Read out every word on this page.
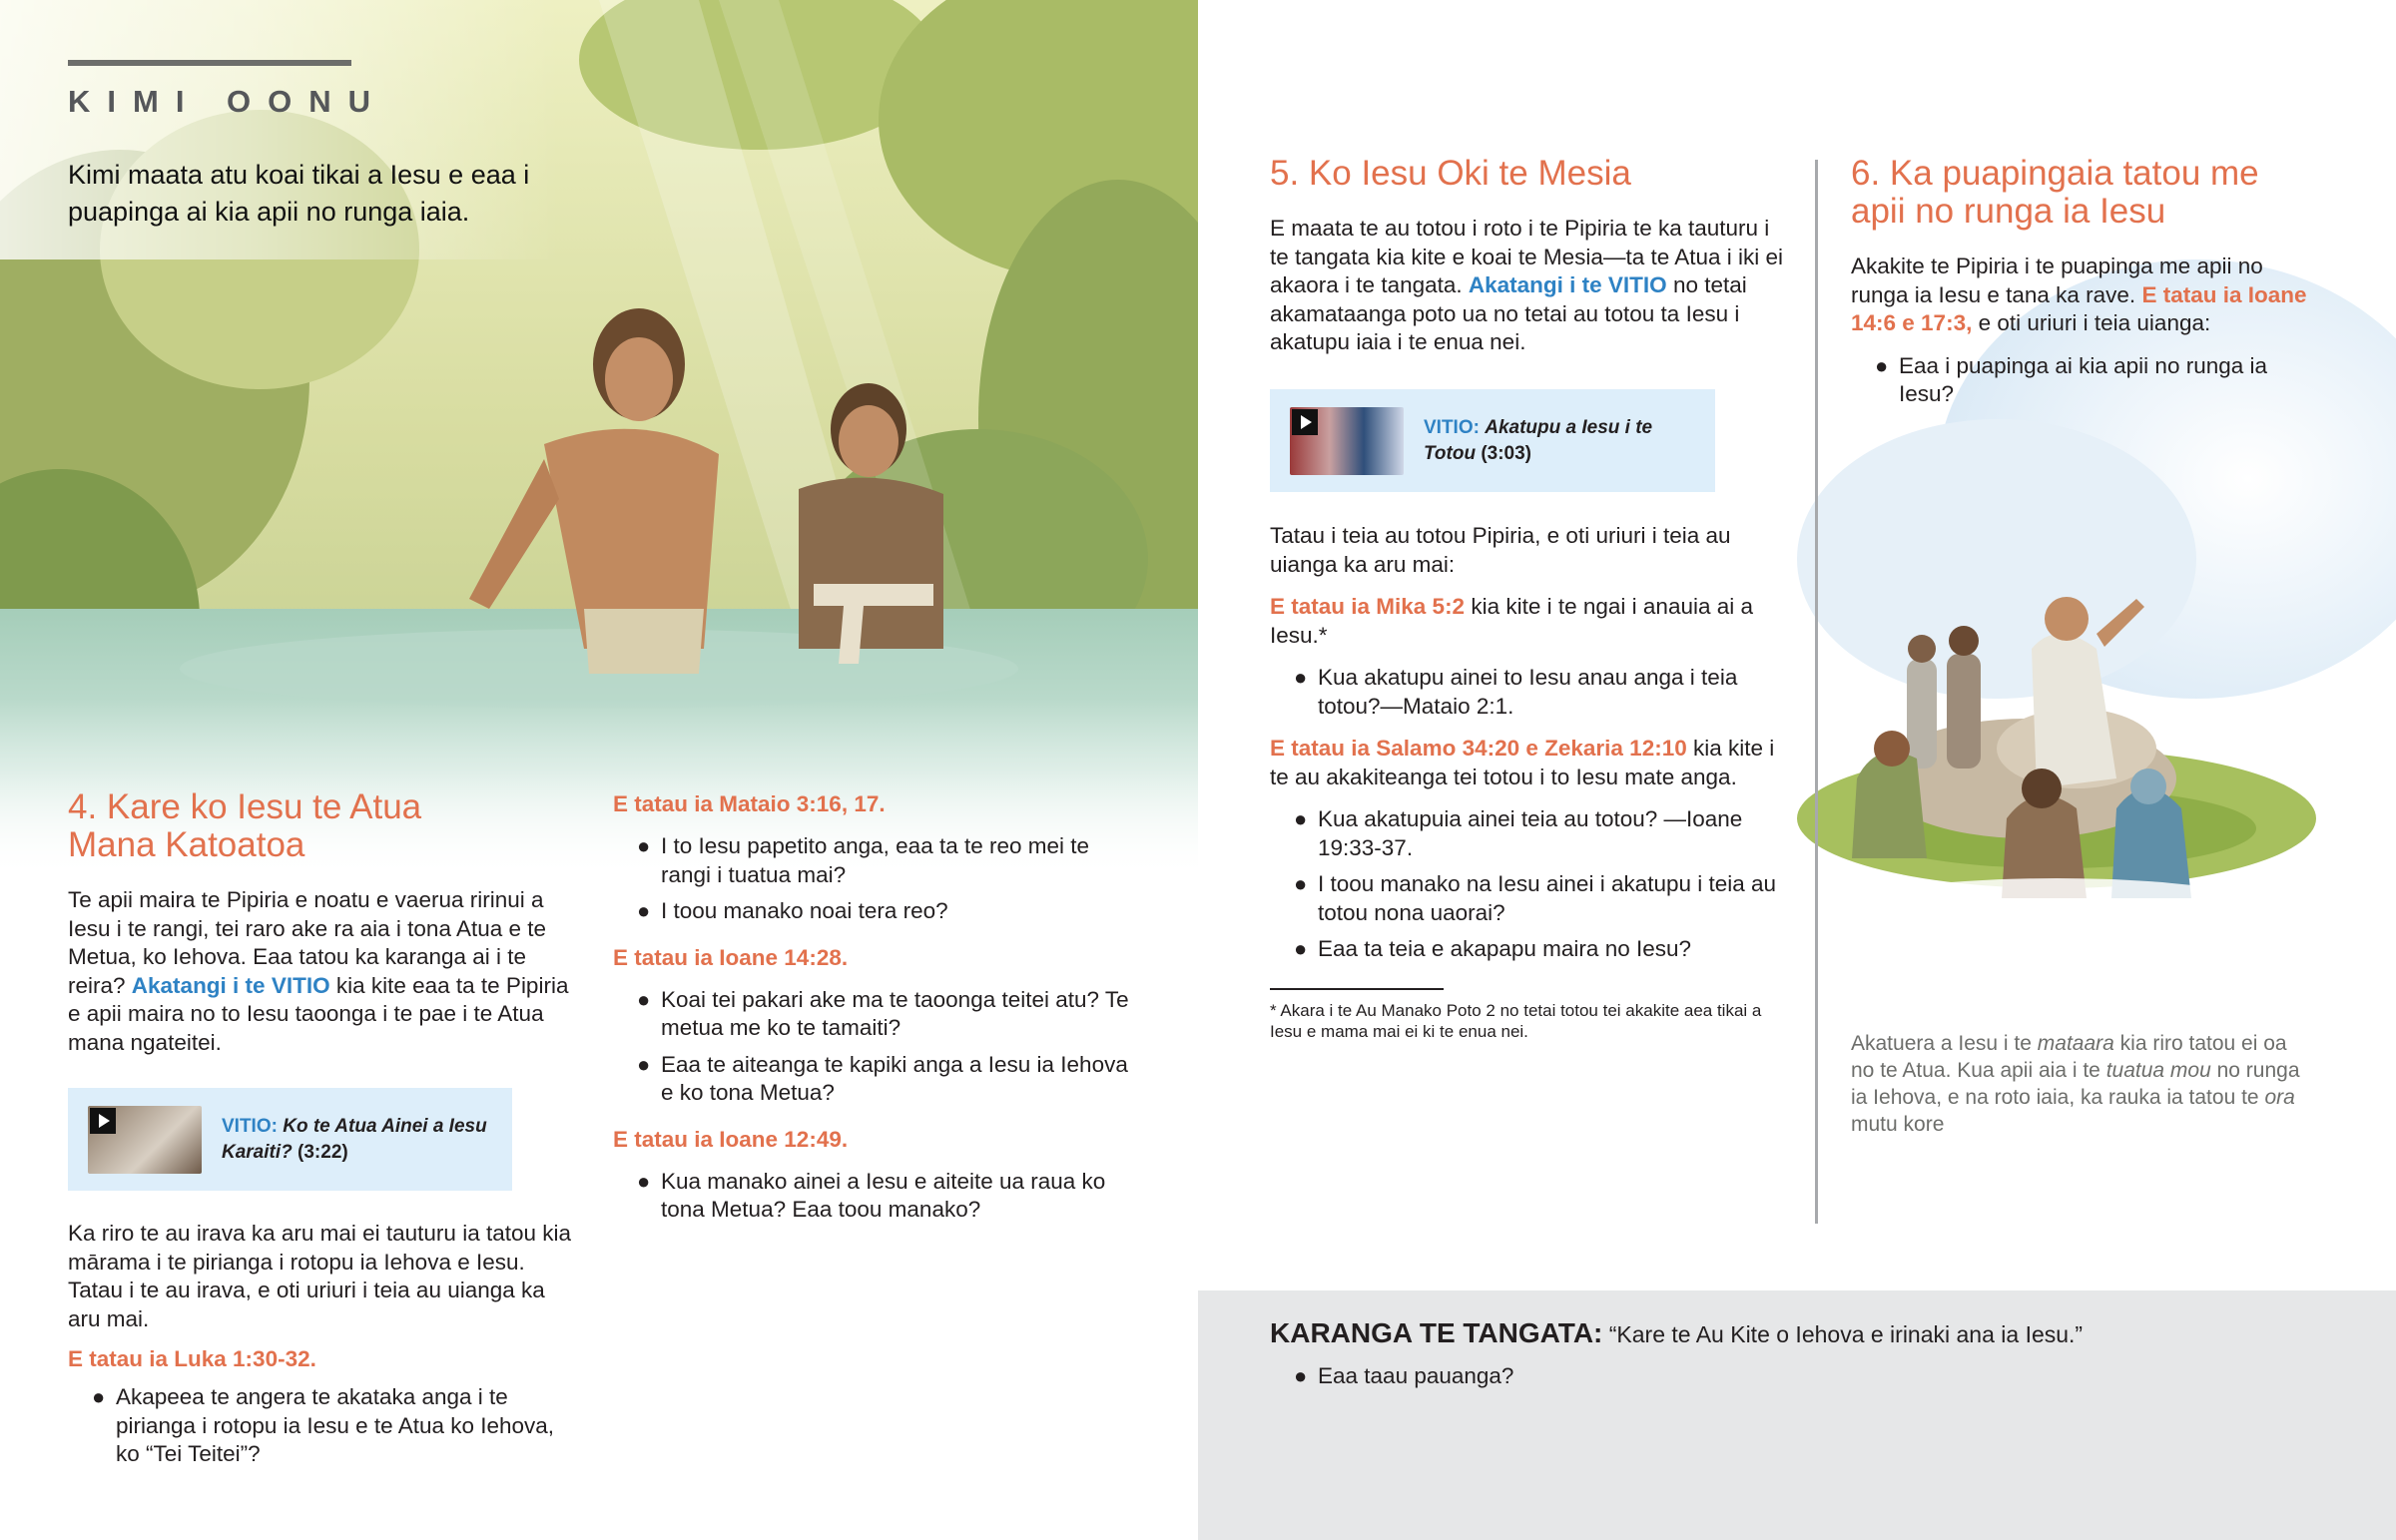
KIMI OONU
Kimi maata atu koai tikai a Iesu e eaa i puapinga ai kia apii no runga iaia.
4. Kare ko Iesu te Atua
Mana Katoatoa

Te apii maira te Pipiria e noatu e vaerua ririnui a Iesu i te rangi, tei raro ake ra aia i tona Atua e te Metua, ko Iehova. Eaa tatou ka karanga ai i te reira? Akatangi i te VITIO kia kite eaa ta te Pipiria e apii maira no to Iesu taoonga i te pae i te Atua mana ngateitei.

VITIO: Ko te Atua Ainei a Iesu Karaiti? (3:22)

Ka riro te au irava ka aru mai ei tauturu ia tatou kia mārama i te pirianga i rotopu ia Iehova e Iesu. Tatau i te au irava, e oti uriuri i teia au uianga ka aru mai.

E tatau ia Luka 1:30-32.
● Akapeea te angera te akataka anga i te pirianga i rotopu ia Iesu e te Atua ko Iehova, ko “Tei Teitei”?
E tatau ia Mataio 3:16, 17.
● I to Iesu papetito anga, eaa ta te reo mei te rangi i tuatua mai?
● I toou manako noai tera reo?
E tatau ia Ioane 14:28.
● Koai tei pakari ake ma te taoonga teitei atu? Te metua me ko te tamaiti?
● Eaa te aiteanga te kapiki anga a Iesu ia Iehova e ko tona Metua?
E tatau ia Ioane 12:49.
● Kua manako ainei a Iesu e aiteite ua raua ko tona Metua? Eaa toou manako?
5. Ko Iesu Oki te Mesia

E maata te au totou i roto i te Pipiria te ka tauturu i te tangata kia kite e koai te Mesia—ta te Atua i iki ei akaora i te tangata. Akatangi i te VITIO no tetai akamataanga poto ua no tetai au totou ta Iesu i akatupu iaia i te enua nei.

VITIO: Akatupu a Iesu i te Totou (3:03)

Tatau i teia au totou Pipiria, e oti uriuri i teia au uianga ka aru mai:

E tatau ia Mika 5:2 kia kite i te ngai i anauia ai a Iesu.*

● Kua akatupu ainei to Iesu anau anga i teia totou?—Mataio 2:1.

E tatau ia Salamo 34:20 e Zekaria 12:10 kia kite i te au akakiteanga tei totou i to Iesu mate anga.

● Kua akatupuia ainei teia au totou? —Ioane 19:33-37.
● I toou manako na Iesu ainei i akatupu i teia au totou nona uaorai?
● Eaa ta teia e akapapu maira no Iesu?
6. Ka puapingaia tatou me
apii no runga ia Iesu

Akakite te Pipiria i te puapinga me apii no runga ia Iesu e tana ka rave. E tatau ia Ioane 14:6 e 17:3, e oti uriuri i teia uianga:

● Eaa i puapinga ai kia apii no runga ia Iesu?
* Akara i te Au Manako Poto 2 no tetai totou tei akakite aea tikai a Iesu e mama mai ei ki te enua nei.
Akatuera a Iesu i te mataara kia riro tatou ei oa no te Atua. Kua apii aia i te tuatua mou no runga ia Iehova, e na roto iaia, ka rauka ia tatou te ora mutu kore
KARANGA TE TANGATA: “Kare te Au Kite o Iehova e irinaki ana ia Iesu.”
● Eaa taau pauanga?
